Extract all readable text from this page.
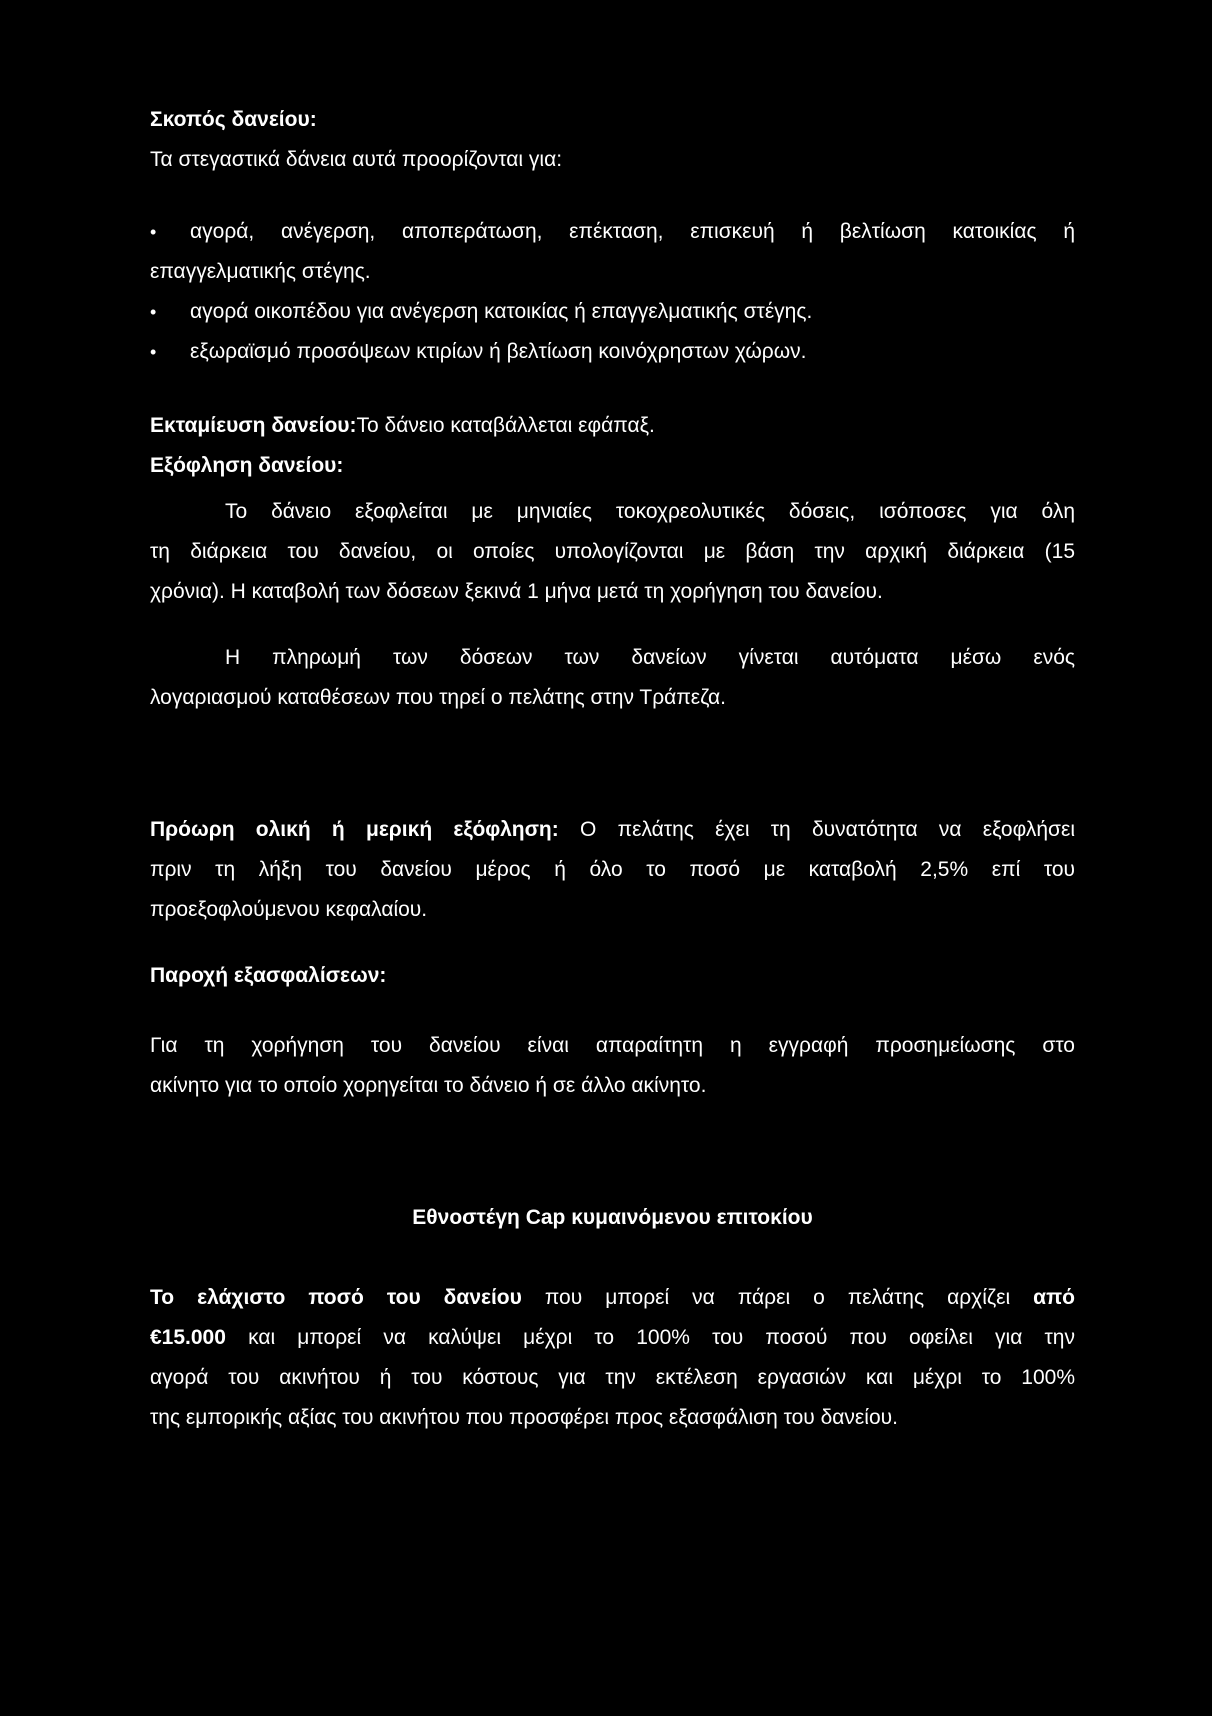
Σκοπός δανείου:
Τα στεγαστικά δάνεια αυτά προορίζονται για:
•	αγορά, ανέγερση, αποπεράτωση, επέκταση, επισκευή ή βελτίωση κατοικίας ή
επαγγελματικής στέγης.
•	αγορά οικοπέδου για ανέγερση κατοικίας ή επαγγελματικής στέγης.
•	εξωραϊσμό προσόψεων κτιρίων ή βελτίωση κοινόχρηστων χώρων.
Εκταμίευση δανείου:Το δάνειο καταβάλλεται εφάπαξ.
Εξόφληση δανείου:
Το δάνειο εξοφλείται με μηνιαίες τοκοχρεολυτικές δόσεις, ισόποσες για όλη
τη διάρκεια του δανείου, οι οποίες υπολογίζονται με βάση την αρχική διάρκεια (15
χρόνια). Η καταβολή των δόσεων ξεκινά 1 μήνα μετά τη χορήγηση του δανείου.
Η πληρωμή των δόσεων των δανείων γίνεται αυτόματα μέσω ενός
λογαριασμού καταθέσεων που τηρεί ο πελάτης στην Τράπεζα.
Πρόωρη ολική ή μερική εξόφληση: Ο πελάτης έχει τη δυνατότητα να εξοφλήσει
πριν τη λήξη του δανείου μέρος ή όλο το ποσό με καταβολή 2,5% επί του
προεξοφλούμενου κεφαλαίου.
Παροχή εξασφαλίσεων:
Για τη χορήγηση του δανείου είναι απαραίτητη η εγγραφή προσημείωσης στο
ακίνητο για το οποίο χορηγείται το δάνειο ή σε άλλο ακίνητο.
Εθνοστέγη Cap κυμαινόμενου επιτοκίου
Το ελάχιστο ποσό του δανείου που μπορεί να πάρει ο πελάτης αρχίζει από
€15.000 και μπορεί να καλύψει μέχρι το 100% του ποσού που οφείλει για την
αγορά του ακινήτου ή του κόστους για την εκτέλεση εργασιών και μέχρι το 100%
της εμπορικής αξίας του ακινήτου που προσφέρει προς εξασφάλιση του δανείου.
